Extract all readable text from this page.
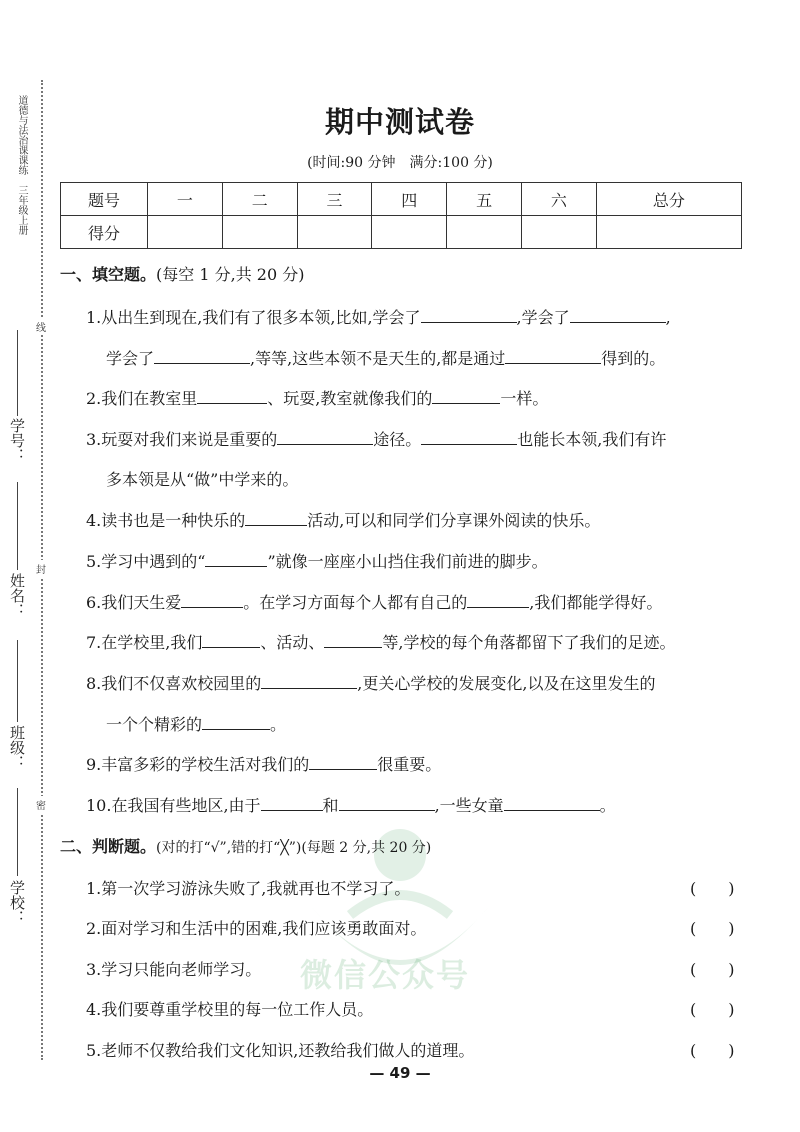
道德与法治课课练　三年级上册
线
封
密
学号：
姓名：
班级：
学校：
期中测试卷
(时间:90 分钟　满分:100 分)
题号	一	二	三	四	五	六	总分
得分							
微信公众号
一、填空题。(每空 1 分,共 20 分)
1.从出生到现在,我们有了很多本领,比如,学会了	,学会了	,
学会了	,等等,这些本领不是天生的,都是通过	得到的。
2.我们在教室里	、玩耍,教室就像我们的	一样。
3.玩耍对我们来说是重要的	途径。	也能长本领,我们有许
多本领是从“做”中学来的。
4.读书也是一种快乐的	活动,可以和同学们分享课外阅读的快乐。
5.学习中遇到的“	”就像一座座小山挡住我们前进的脚步。
6.我们天生爱	。在学习方面每个人都有自己的	,我们都能学得好。
7.在学校里,我们	、活动、	等,学校的每个角落都留下了我们的足迹。
8.我们不仅喜欢校园里的	,更关心学校的发展变化,以及在这里发生的
一个个精彩的	。
9.丰富多彩的学校生活对我们的	很重要。
10.在我国有些地区,由于	和	,一些女童	。
二、判断题。(对的打“√”,错的打“╳”)(每题 2 分,共 20 分)
1.第一次学习游泳失败了,我就再也不学习了。	(　　)
2.面对学习和生活中的困难,我们应该勇敢面对。	(　　)
3.学习只能向老师学习。	(　　)
4.我们要尊重学校里的每一位工作人员。	(　　)
5.老师不仅教给我们文化知识,还教给我们做人的道理。	(　　)
— 49 —
